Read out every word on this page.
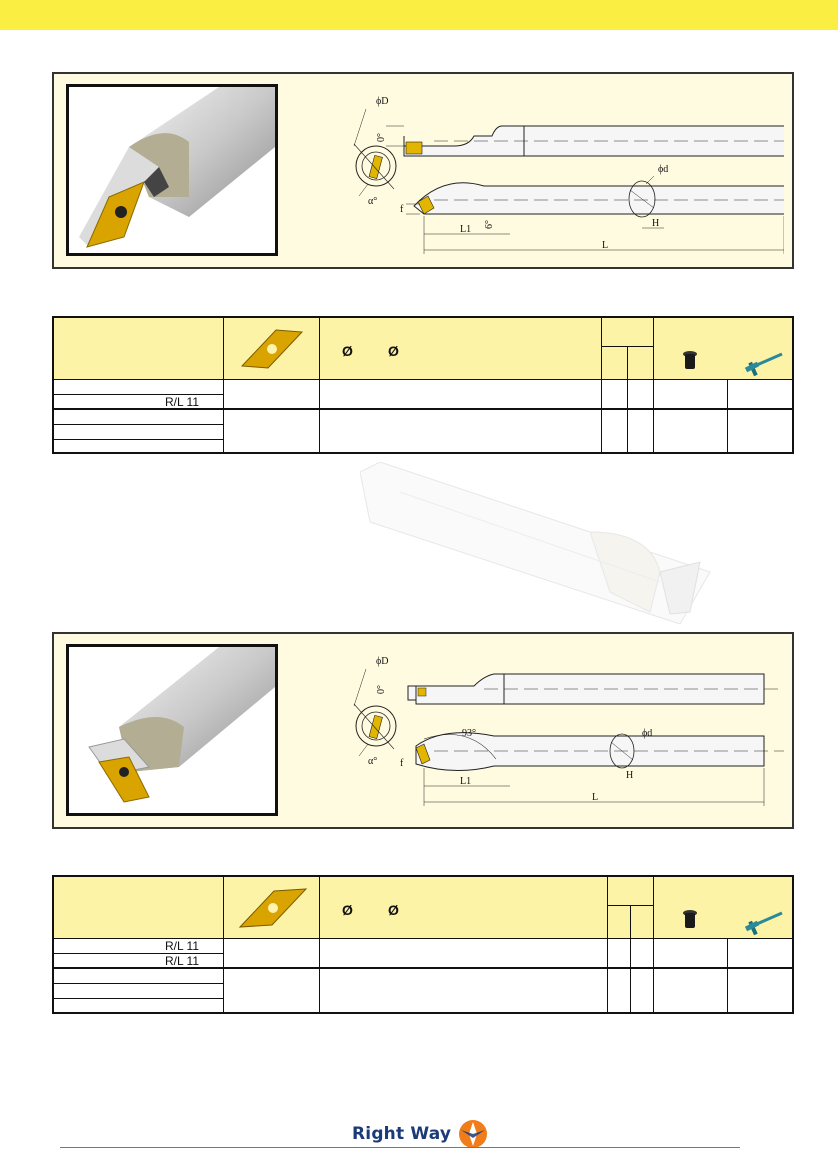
ϕD
α°
0°
ϕd
H
6°
f
L1
L
Ø	Ø
R/L 11
ϕD
α°
0°
93°	ϕd
H
f
L1
L
Ø	Ø
R/L 11
R/L 11
Right Way
